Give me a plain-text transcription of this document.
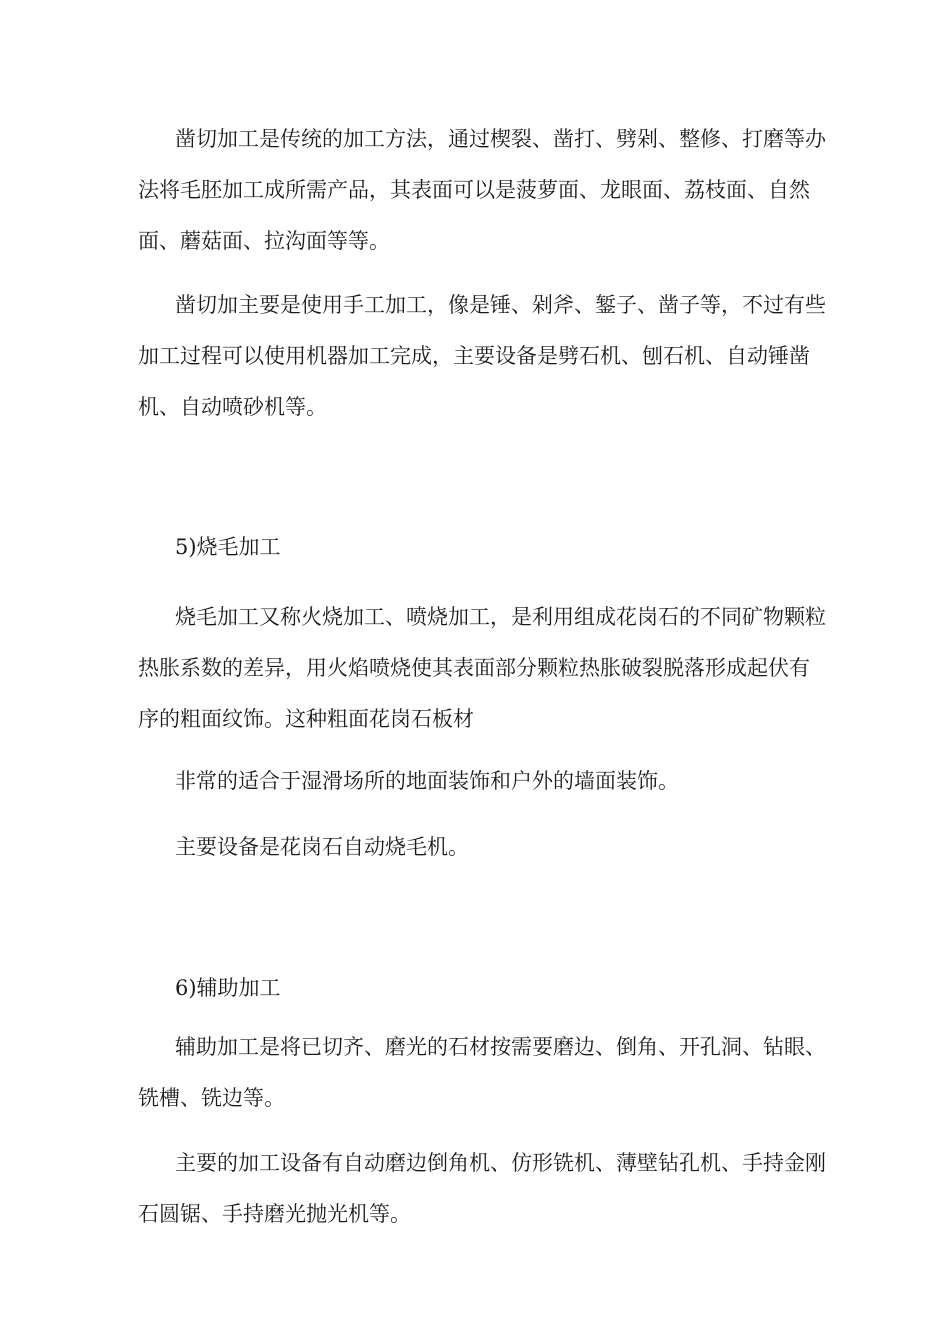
凿切加工是传统的加工方法，通过楔裂、凿打、劈剁、整修、打磨等办法将毛胚加工成所需产品，其表面可以是菠萝面、龙眼面、荔枝面、自然面、蘑菇面、拉沟面等等。

凿切加主要是使用手工加工，像是锤、剁斧、錾子、凿子等，不过有些加工过程可以使用机器加工完成，主要设备是劈石机、刨石机、自动锤凿机、自动喷砂机等。

5)烧毛加工

烧毛加工又称火烧加工、喷烧加工，是利用组成花岗石的不同矿物颗粒热胀系数的差异，用火焰喷烧使其表面部分颗粒热胀破裂脱落形成起伏有序的粗面纹饰。这种粗面花岗石板材

非常的适合于湿滑场所的地面装饰和户外的墙面装饰。

主要设备是花岗石自动烧毛机。

6)辅助加工

辅助加工是将已切齐、磨光的石材按需要磨边、倒角、开孔洞、钻眼、铣槽、铣边等。

主要的加工设备有自动磨边倒角机、仿形铣机、薄壁钻孔机、手持金刚石圆锯、手持磨光抛光机等。
